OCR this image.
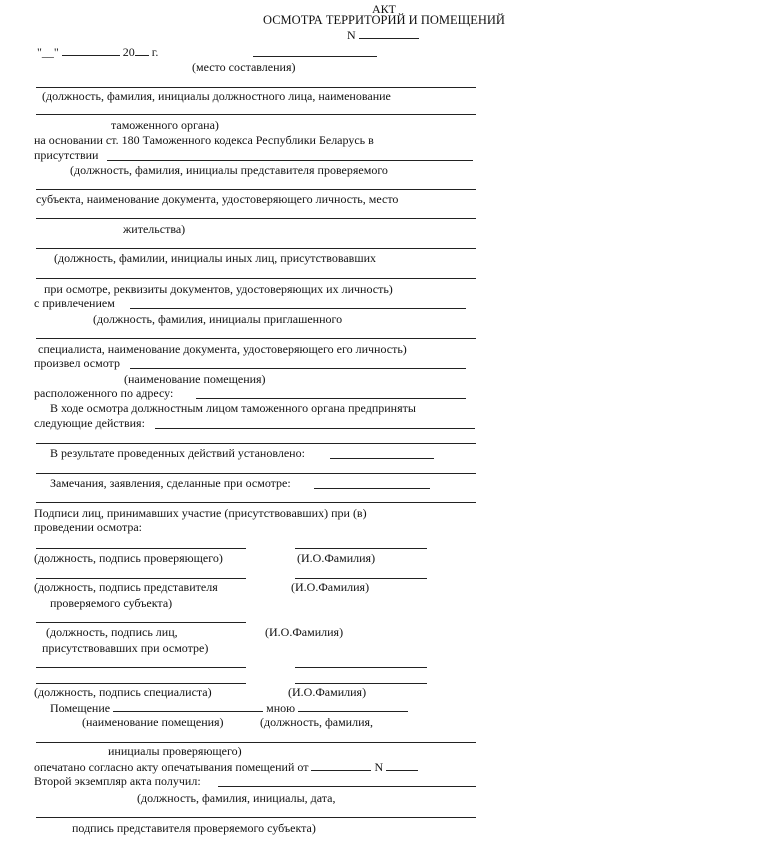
АКТ
ОСМОТРА ТЕРРИТОРИЙ И ПОМЕЩЕНИЙ
N
"__"	20 г.
(место составления)
(должность, фамилия, инициалы должностного лица, наименование
таможенного органа)
на основании ст. 180 Таможенного кодекса Республики Беларусь в
присутствии
(должность, фамилия, инициалы представителя проверяемого
субъекта, наименование документа, удостоверяющего личность, место
жительства)
(должность, фамилии, инициалы иных лиц, присутствовавших
при осмотре, реквизиты документов, удостоверяющих их личность)
с привлечением
(должность, фамилия, инициалы приглашенного
специалиста, наименование документа, удостоверяющего его личность)
произвел осмотр
(наименование помещения)
расположенного по адресу:
В ходе осмотра должностным лицом таможенного органа предприняты
следующие действия:
В результате проведенных действий установлено:
Замечания, заявления, сделанные при осмотре:
Подписи лиц, принимавших участие (присутствовавших) при (в)
проведении осмотра:
(должность, подпись проверяющего)	(И.О.Фамилия)
(должность, подпись представителя	(И.О.Фамилия)
проверяемого субъекта)
(должность, подпись лиц,	(И.О.Фамилия)
присутствовавших при осмотре)
(должность, подпись специалиста)	(И.О.Фамилия)
Помещение	мною
(наименование помещения)	(должность, фамилия,
инициалы проверяющего)
опечатано согласно акту опечатывания помещений от	N
Второй экземпляр акта получил:
(должность, фамилия, инициалы, дата,
подпись представителя проверяемого субъекта)
